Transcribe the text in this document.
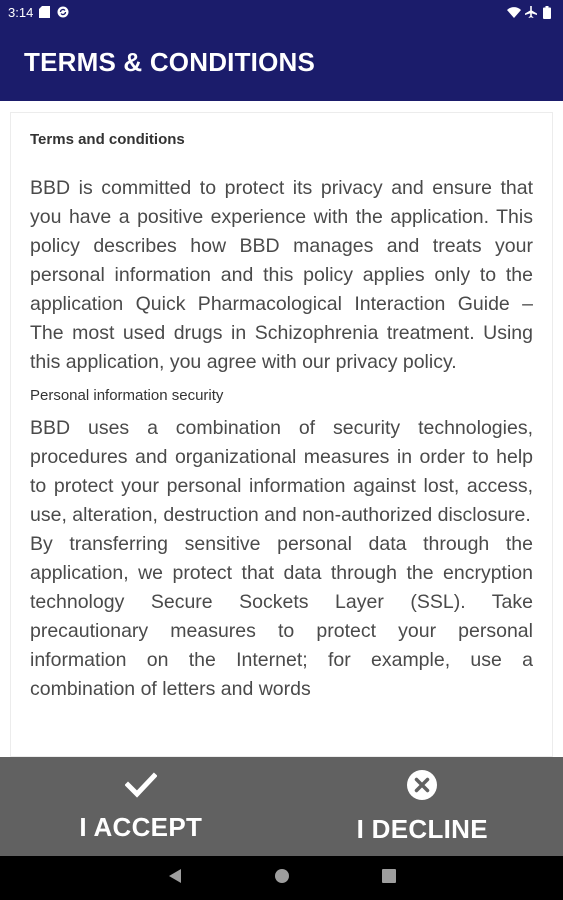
3:14
TERMS & CONDITIONS
Terms and conditions

BBD is committed to protect its privacy and ensure that you have a positive experience with the application. This policy describes how BBD manages and treats your personal information and this policy applies only to the application Quick Pharmacological Interaction Guide – The most used drugs in Schizophrenia treatment. Using this application, you agree with our privacy policy.

Personal information security

BBD uses a combination of security technologies, procedures and organizational measures in order to help to protect your personal information against lost, access, use, alteration, destruction and non-authorized disclosure.

By transferring sensitive personal data through the application, we protect that data through the encryption technology Secure Sockets Layer (SSL). Take precautionary measures to protect your personal information on the Internet; for example, use a combination of letters and words

I ACCEPT	I DECLINE
